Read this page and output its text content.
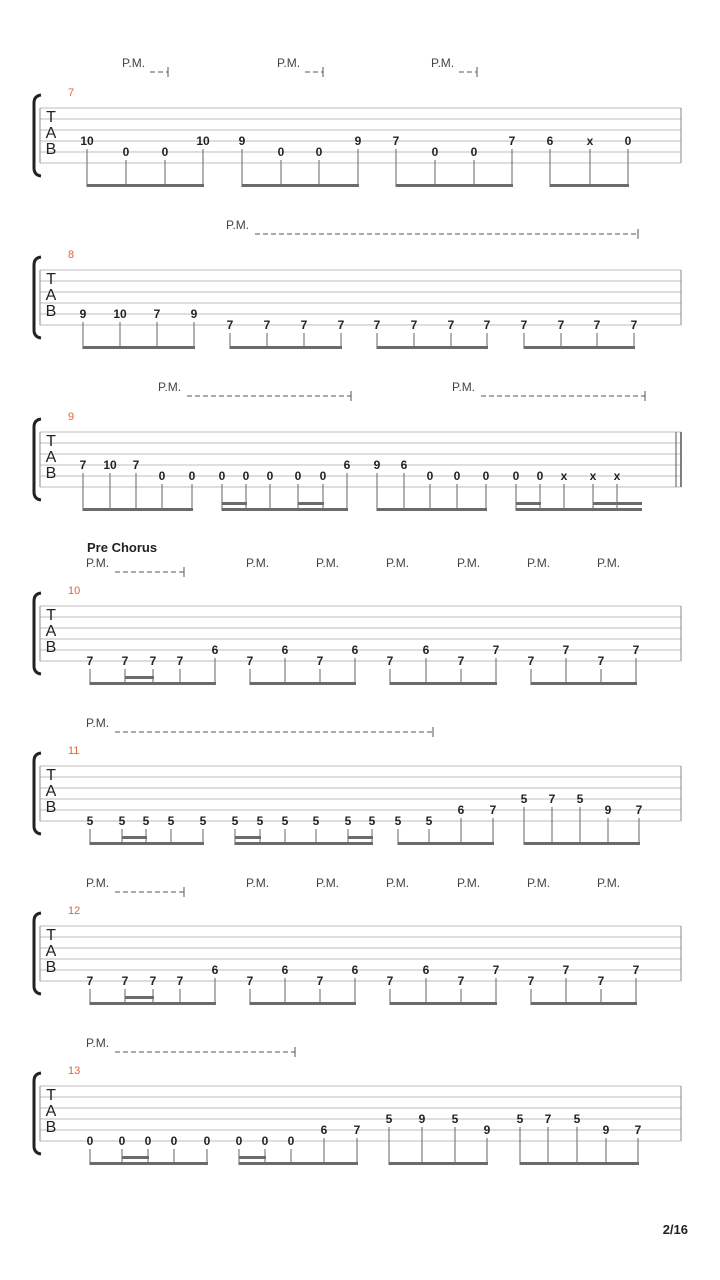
T
A
B
7
P.M.	P.M.	P.M.
10
0	0
10 9
0	0
9	7
0	0
7	6	x	0
T
A
B
8
P.M.
9 10 7	9
7	7	7	7 7	7	7 7	7	7 7	7
T
A
B
9
P.M.	P.M.
7 10 7
0 0 0 0 0 0 0
6 9 6
0 0 0 0 0 x x x
T
A
B
10
Pre Chorus
P.M.	P.M.	P.M.	P.M.	P.M.	P.M.	P.M.
7 7 7 7
6
7
6
7
6
7
6
7
7
7
7
7
7
T
A
B
11
P.M.
5 5 5 5 5 5 5 5 5 5 5 5 5
6 7
5 7 5
9 7
T
A
B
12
P.M.	P.M.	P.M.	P.M.	P.M.	P.M.	P.M.
7 7 7 7
6
7
6
7
6
7
6
7
7
7
7
7
7
T
A
B
13
P.M.
0 0 0 0 0 0 0 0
6 7
5 9 5
9
5 7 5
9 7
2/16
